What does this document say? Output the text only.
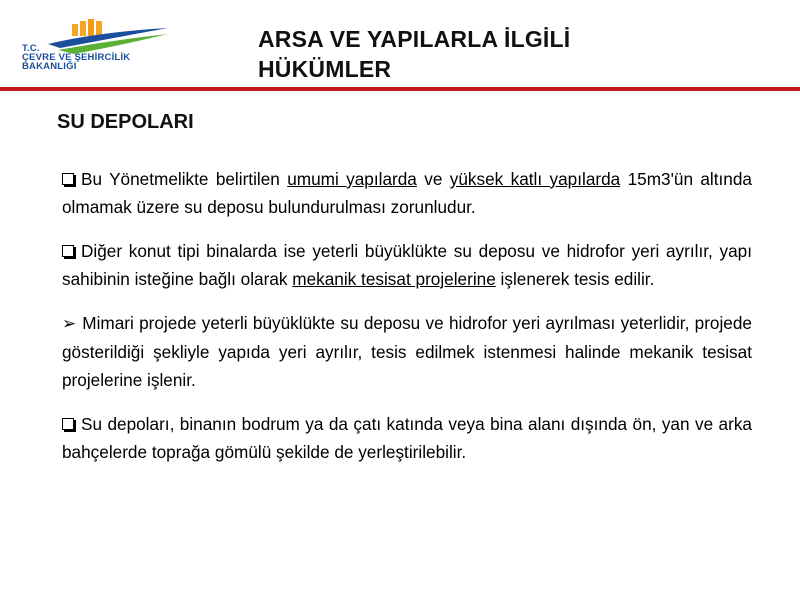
T.C.
ÇEVRE VE ŞEHİRCİLİK
BAKANLIĞI
ARSA VE YAPILARLA İLGİLİ
HÜKÜMLER
SU DEPOLARI

Bu Yönetmelikte belirtilen umumi yapılarda ve yüksek katlı yapılarda 15m3'ün altında olmamak üzere su deposu bulundurulması zorunludur.

Diğer konut tipi binalarda ise yeterli büyüklükte su deposu ve hidrofor yeri ayrılır, yapı sahibinin isteğine bağlı olarak mekanik tesisat projelerine işlenerek tesis edilir.

➢ Mimari projede yeterli büyüklükte su deposu ve hidrofor yeri ayrılması yeterlidir, projede gösterildiği şekliyle yapıda yeri ayrılır, tesis edilmek istenmesi halinde mekanik tesisat projelerine işlenir.

Su depoları, binanın bodrum ya da çatı katında veya bina alanı dışında ön, yan ve arka bahçelerde toprağa gömülü şekilde de yerleştirilebilir.
